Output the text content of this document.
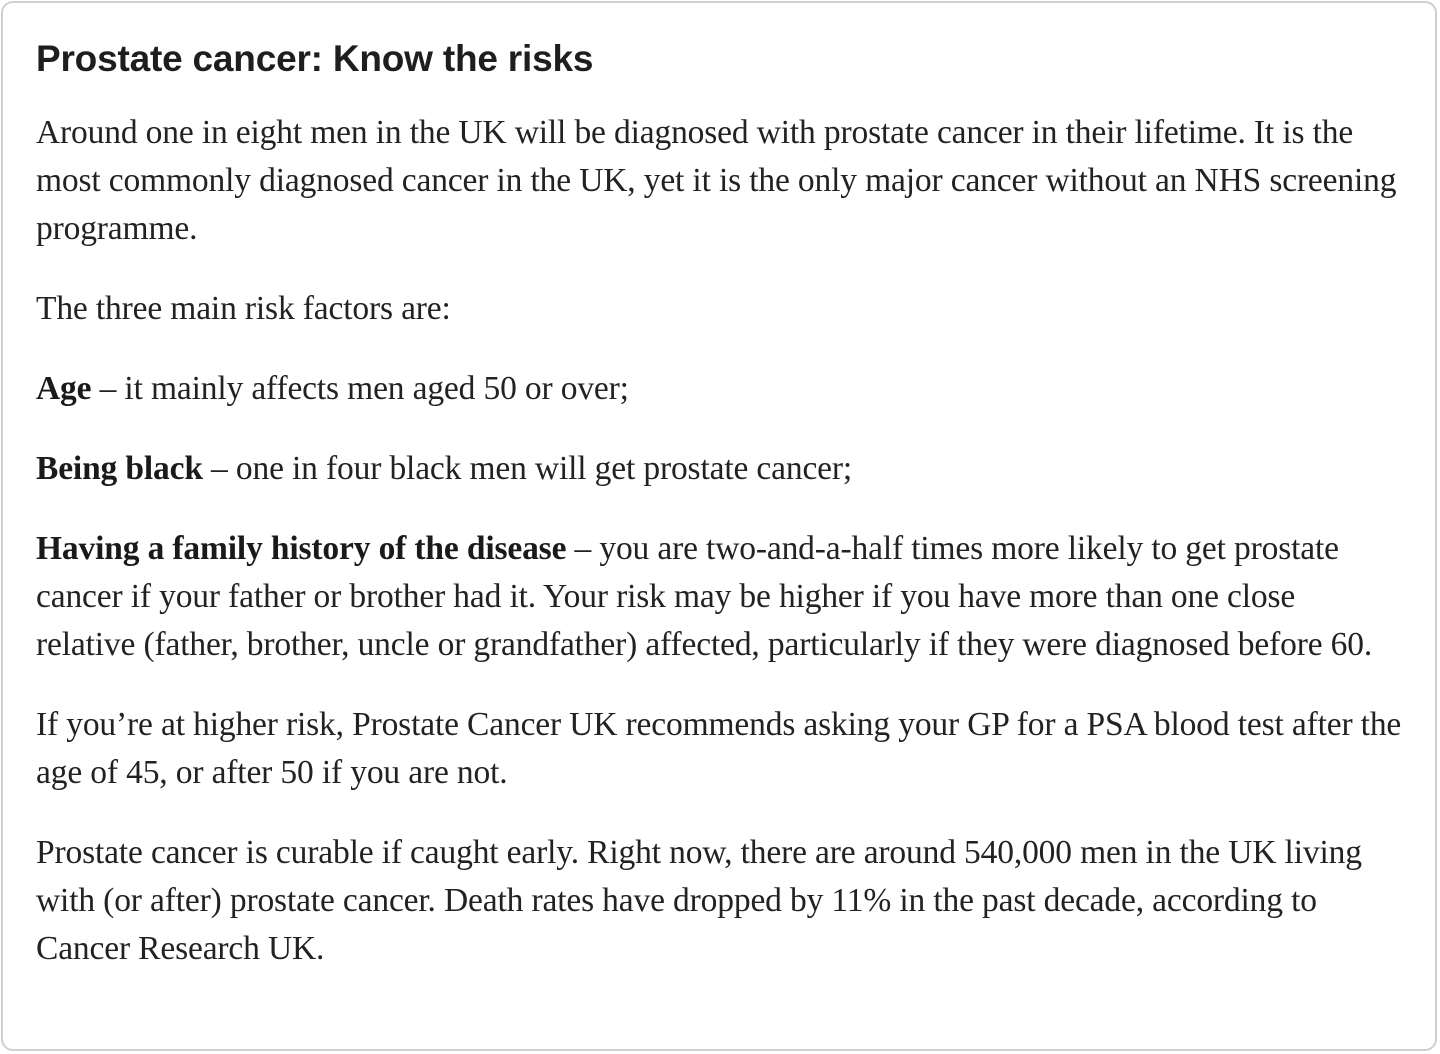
Prostate cancer: Know the risks

Around one in eight men in the UK will be diagnosed with prostate cancer in their lifetime. It is the most commonly diagnosed cancer in the UK, yet it is the only major cancer without an NHS screening programme.

The three main risk factors are:

Age – it mainly affects men aged 50 or over;

Being black – one in four black men will get prostate cancer;

Having a family history of the disease – you are two-and-a-half times more likely to get prostate cancer if your father or brother had it. Your risk may be higher if you have more than one close relative (father, brother, uncle or grandfather) affected, particularly if they were diagnosed before 60.

If you’re at higher risk, Prostate Cancer UK recommends asking your GP for a PSA blood test after the age of 45, or after 50 if you are not.

Prostate cancer is curable if caught early. Right now, there are around 540,000 men in the UK living with (or after) prostate cancer. Death rates have dropped by 11% in the past decade, according to Cancer Research UK.
